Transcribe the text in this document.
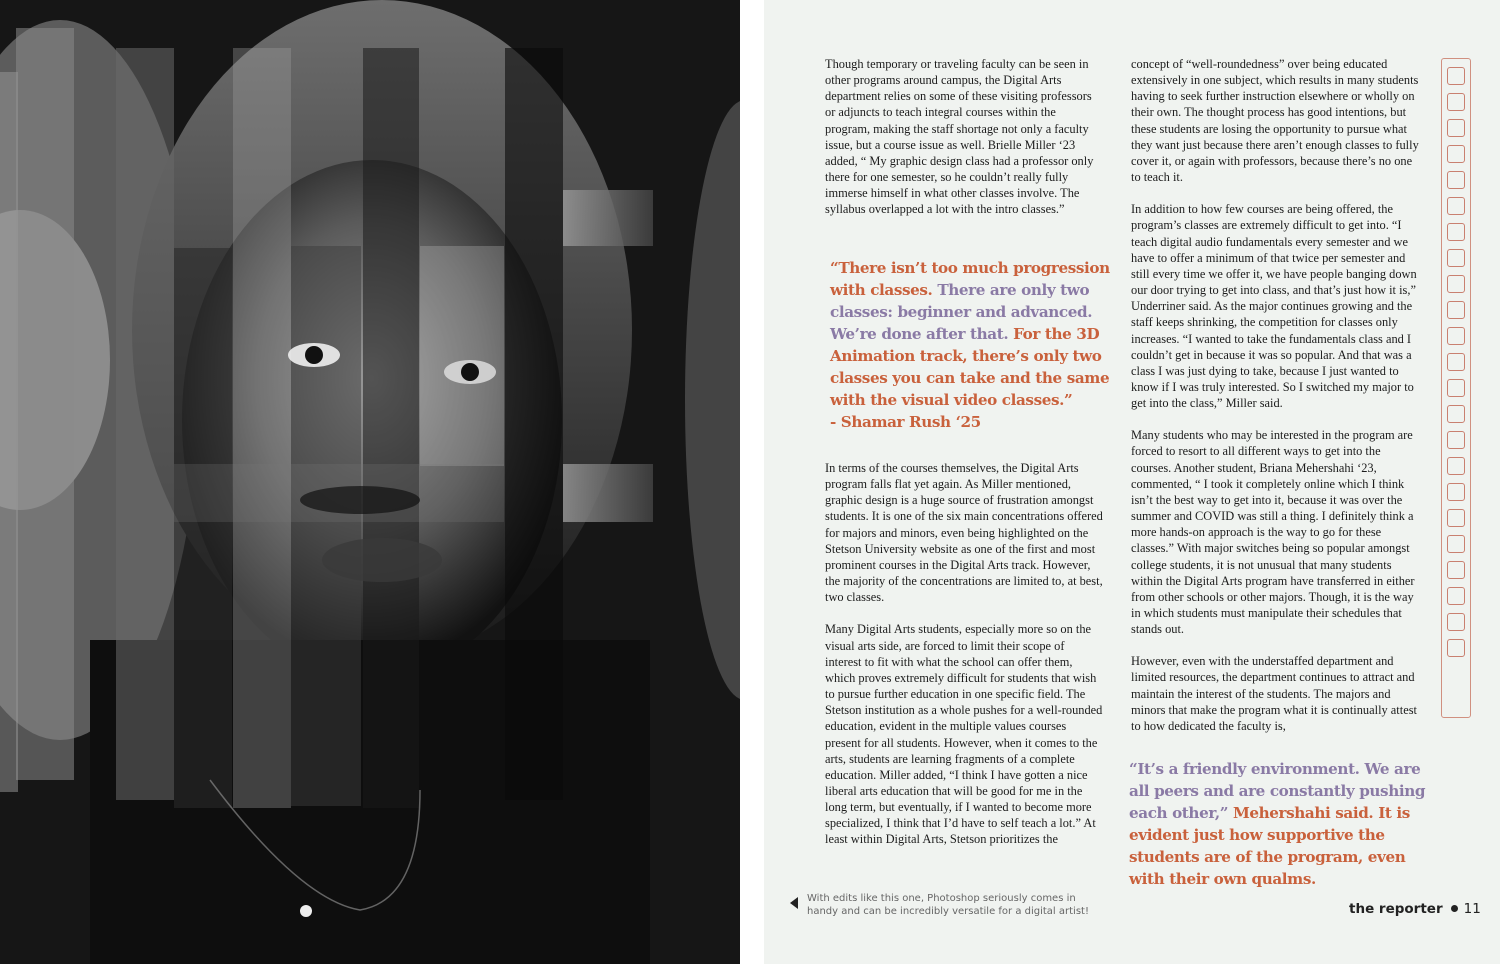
Though temporary or traveling faculty can be seen in other programs around campus, the Digital Arts department relies on some of these visiting professors or adjuncts to teach integral courses within the program, making the staff shortage not only a faculty issue, but a course issue as well. Brielle Miller ‘23 added, “ My graphic design class had a professor only there for one semester, so he couldn’t really fully immerse himself in what other classes involve. The syllabus overlapped a lot with the intro classes.”

“There isn’t too much progression with classes. There are only two classes: beginner and advanced. We’re done after that. For the 3D Animation track, there’s only two classes you can take and the same with the visual video classes.”
- Shamar Rush ‘25

In terms of the courses themselves, the Digital Arts program falls flat yet again. As Miller mentioned, graphic design is a huge source of frustration amongst students. It is one of the six main concentrations offered for majors and minors, even being highlighted on the Stetson University website as one of the first and most prominent courses in the Digital Arts track. However, the majority of the concentrations are limited to, at best, two classes.

Many Digital Arts students, especially more so on the visual arts side, are forced to limit their scope of interest to fit with what the school can offer them, which proves extremely difficult for students that wish to pursue further education in one specific field. The Stetson institution as a whole pushes for a well-rounded education, evident in the multiple values courses present for all students. However, when it comes to the arts, students are learning fragments of a complete education. Miller added, “I think I have gotten a nice liberal arts education that will be good for me in the long term, but eventually, if I wanted to become more specialized, I think that I’d have to self teach a lot.” At least within Digital Arts, Stetson prioritizes the

concept of “well-roundedness” over being educated extensively in one subject, which results in many students having to seek further instruction elsewhere or wholly on their own. The thought process has good intentions, but these students are losing the opportunity to pursue what they want just because there aren’t enough classes to fully cover it, or again with professors, because there’s no one to teach it.

In addition to how few courses are being offered, the program’s classes are extremely difficult to get into. “I teach digital audio fundamentals every semester and we have to offer a minimum of that twice per semester and still every time we offer it, we have people banging down our door trying to get into class, and that’s just how it is,” Underriner said. As the major continues growing and the staff keeps shrinking, the competition for classes only increases. “I wanted to take the fundamentals class and I couldn’t get in because it was so popular. And that was a class I was just dying to take, because I just wanted to know if I was truly interested. So I switched my major to get into the class,” Miller said.

Many students who may be interested in the program are forced to resort to all different ways to get into the courses. Another student, Briana Mehershahi ‘23, commented, “ I took it completely online which I think isn’t the best way to get into it, because it was over the summer and COVID was still a thing. I definitely think a more hands-on approach is the way to go for these classes.” With major switches being so popular amongst college students, it is not unusual that many students within the Digital Arts program have transferred in either from other schools or other majors. Though, it is the way in which students must manipulate their schedules that stands out.

However, even with the understaffed department and limited resources, the department continues to attract and maintain the interest of the students. The majors and minors that make the program what it is continually attest to how dedicated the faculty is,

“It’s a friendly environment. We are all peers and are constantly pushing each other,” Mehershahi said. It is evident just how supportive the students are of the program, even with their own qualms.
With edits like this one, Photoshop seriously comes in handy and can be incredibly versatile for a digital artist!	the reporter 11
